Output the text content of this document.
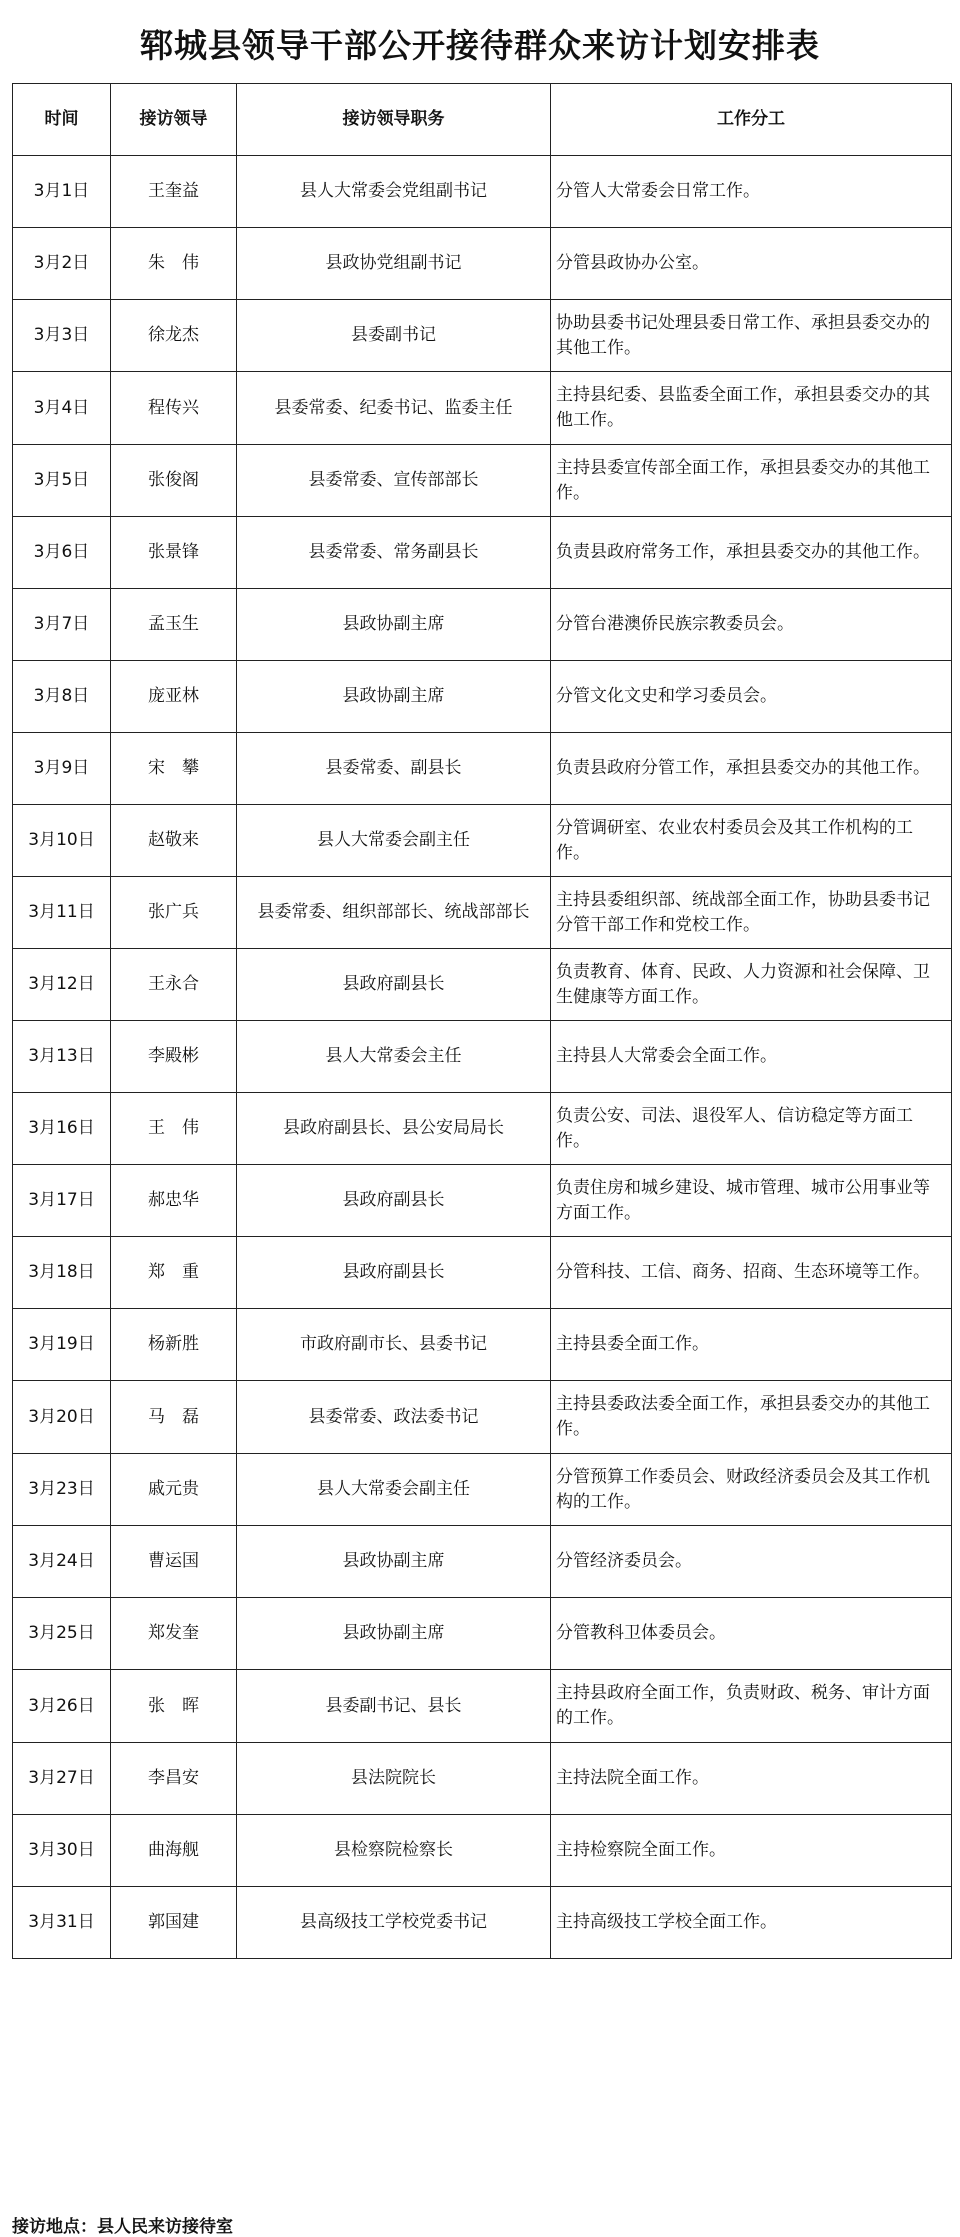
郓城县领导干部公开接待群众来访计划安排表
时间	接访领导	接访领导职务	工作分工
3月1日	王奎益	县人大常委会党组副书记	分管人大常委会日常工作。
3月2日	朱　伟	县政协党组副书记	分管县政协办公室。
3月3日	徐龙杰	县委副书记	协助县委书记处理县委日常工作、承担县委交办的其他工作。
3月4日	程传兴	县委常委、纪委书记、监委主任	主持县纪委、县监委全面工作，承担县委交办的其他工作。
3月5日	张俊阁	县委常委、宣传部部长	主持县委宣传部全面工作，承担县委交办的其他工作。
3月6日	张景锋	县委常委、常务副县长	负责县政府常务工作，承担县委交办的其他工作。
3月7日	孟玉生	县政协副主席	分管台港澳侨民族宗教委员会。
3月8日	庞亚林	县政协副主席	分管文化文史和学习委员会。
3月9日	宋　攀	县委常委、副县长	负责县政府分管工作，承担县委交办的其他工作。
3月10日	赵敬来	县人大常委会副主任	分管调研室、农业农村委员会及其工作机构的工作。
3月11日	张广兵	县委常委、组织部部长、统战部部长	主持县委组织部、统战部全面工作，协助县委书记分管干部工作和党校工作。
3月12日	王永合	县政府副县长	负责教育、体育、民政、人力资源和社会保障、卫生健康等方面工作。
3月13日	李殿彬	县人大常委会主任	主持县人大常委会全面工作。
3月16日	王　伟	县政府副县长、县公安局局长	负责公安、司法、退役军人、信访稳定等方面工作。
3月17日	郝忠华	县政府副县长	负责住房和城乡建设、城市管理、城市公用事业等方面工作。
3月18日	郑　重	县政府副县长	分管科技、工信、商务、招商、生态环境等工作。
3月19日	杨新胜	市政府副市长、县委书记	主持县委全面工作。
3月20日	马　磊	县委常委、政法委书记	主持县委政法委全面工作，承担县委交办的其他工作。
3月23日	戚元贵	县人大常委会副主任	分管预算工作委员会、财政经济委员会及其工作机构的工作。
3月24日	曹运国	县政协副主席	分管经济委员会。
3月25日	郑发奎	县政协副主席	分管教科卫体委员会。
3月26日	张　晖	县委副书记、县长	主持县政府全面工作，负责财政、税务、审计方面的工作。
3月27日	李昌安	县法院院长	主持法院全面工作。
3月30日	曲海舰	县检察院检察长	主持检察院全面工作。
3月31日	郭国建	县高级技工学校党委书记	主持高级技工学校全面工作。
接访地点：县人民来访接待室
